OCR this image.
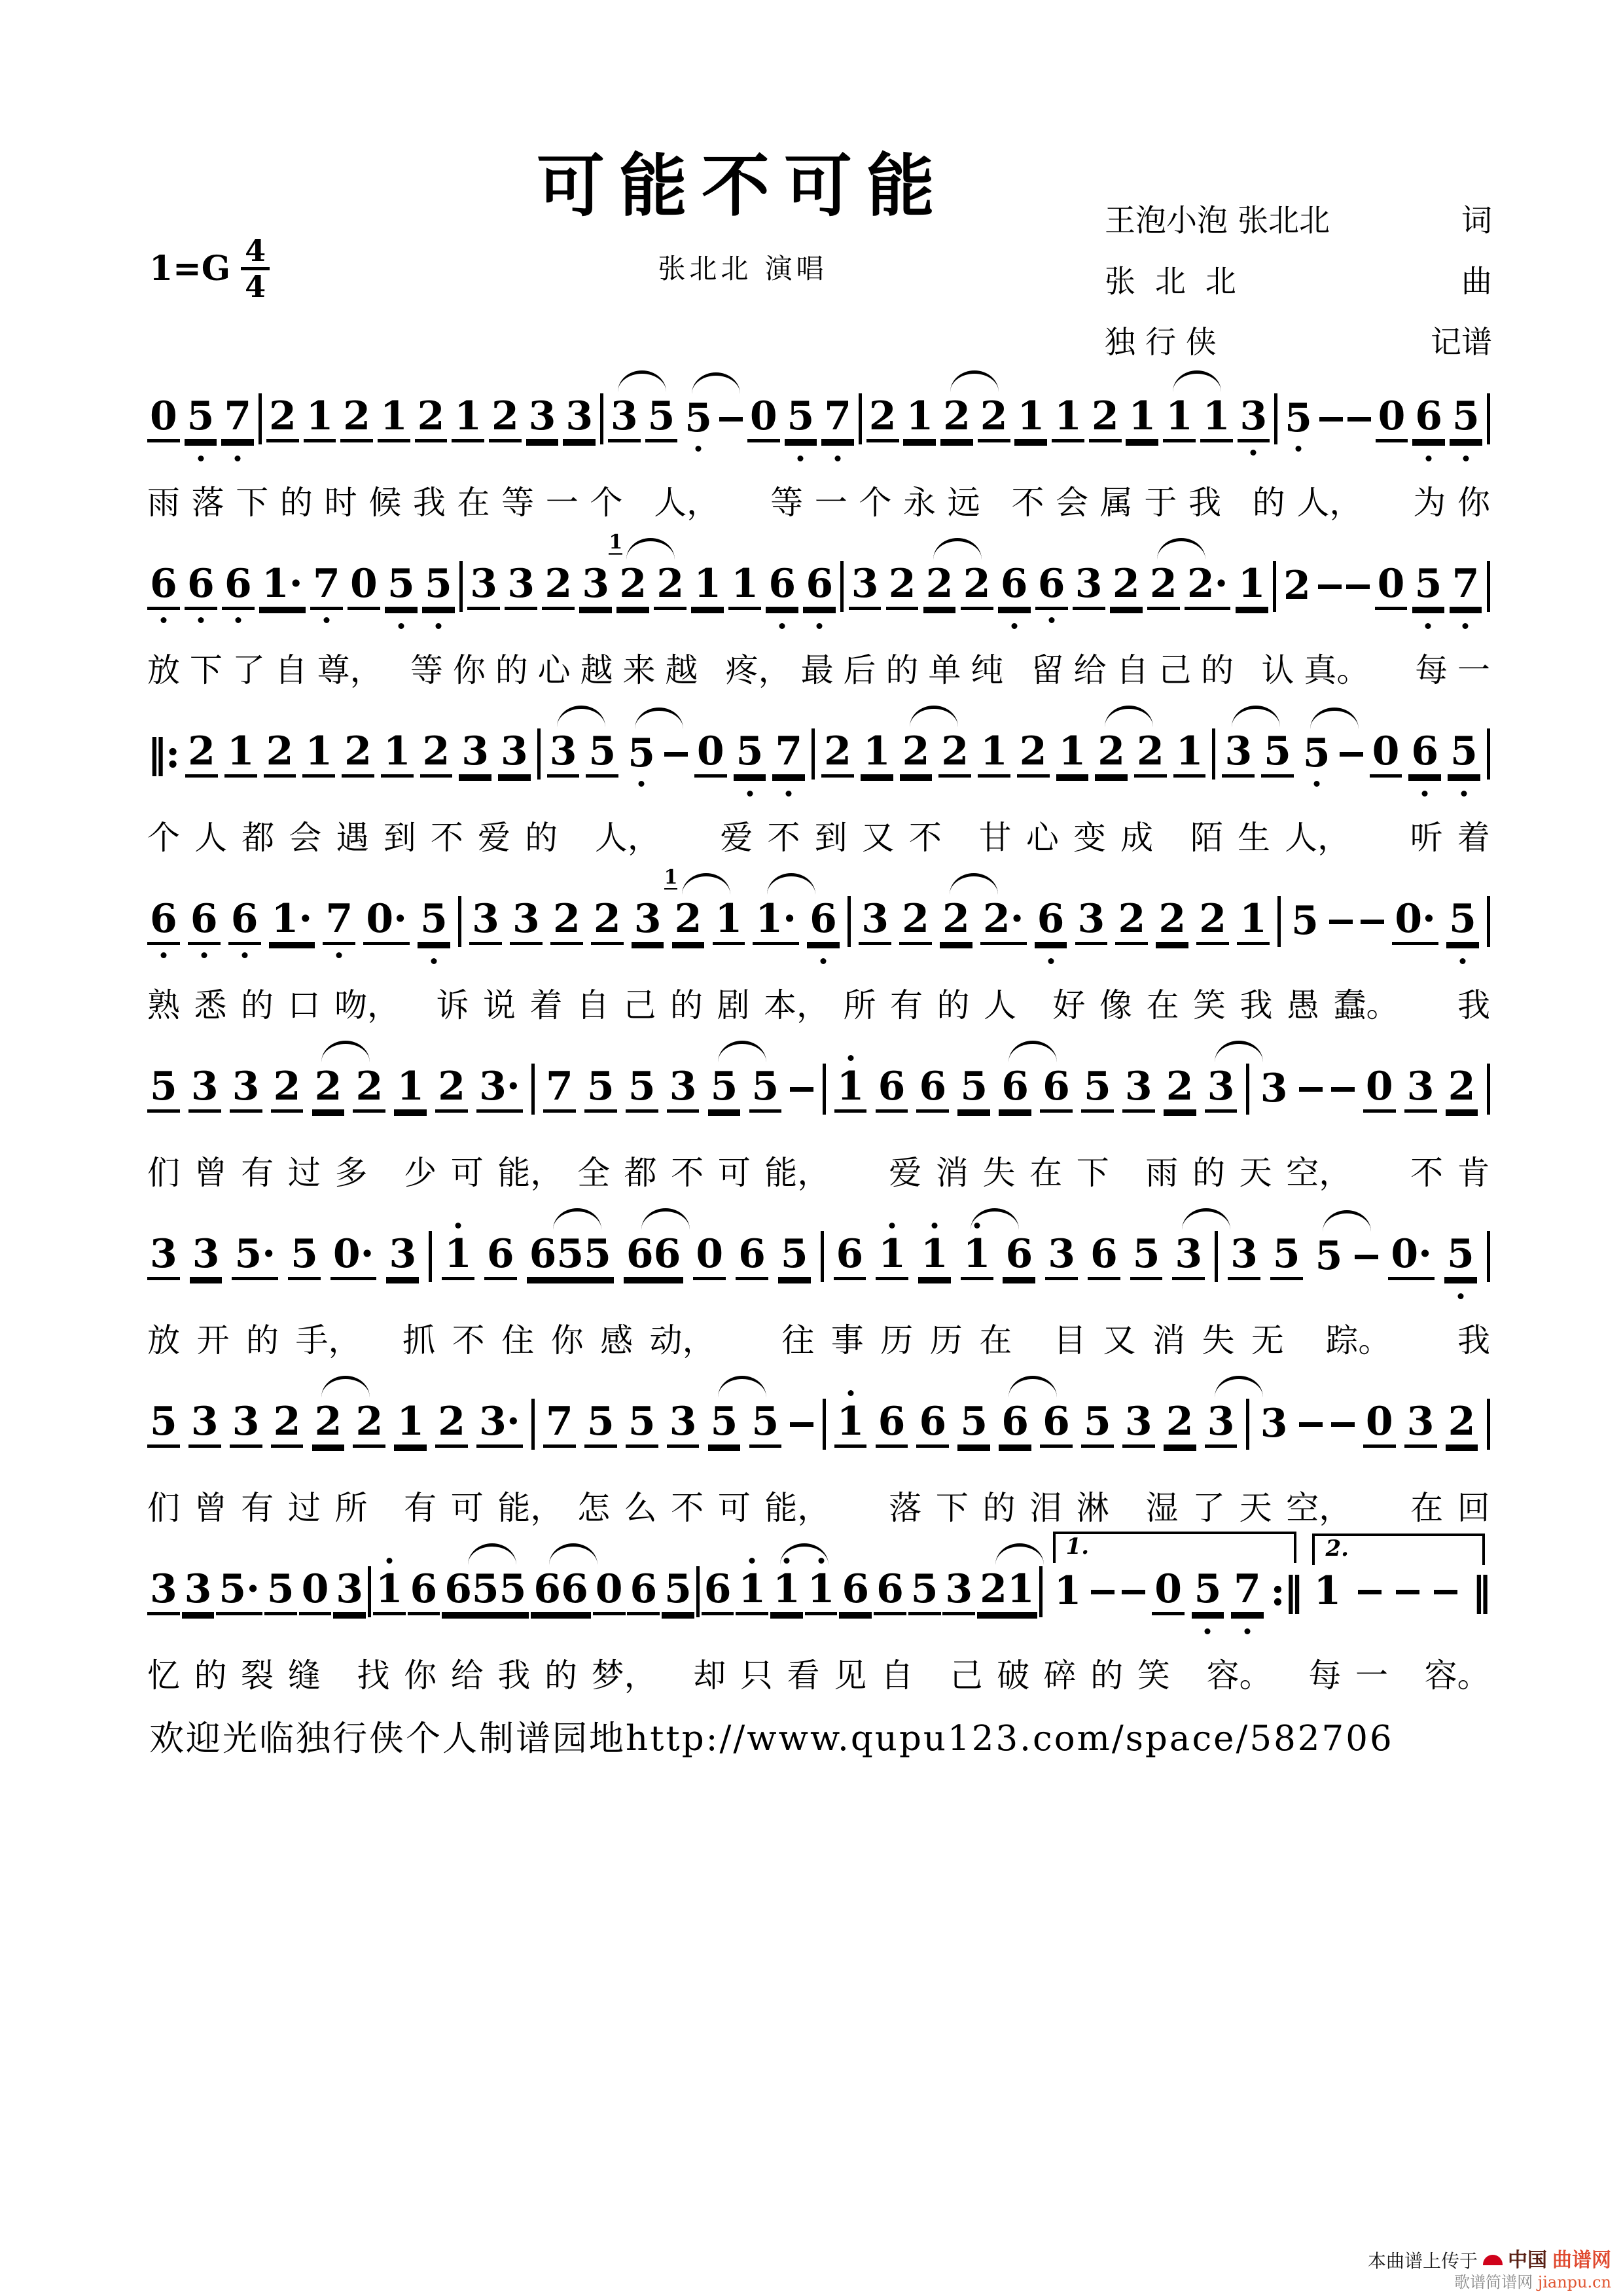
可能不可能
张北北 演唱
$1=G \frac{4}{4}$
王泡小泡 张北北	词
张  北  北	曲
独 行 侠	记谱
0 5 7 2 1 2 1 2 1 2 3 3 3 5 5 0 5 7 2 1 2 2 1 1 2 1 1 1 3 5 0 6 5
雨 落 下 的 时 候 我 在 等 一 个
人，

等 一 个 永 远
不 会 属 于 我
的 人，

为 你
6 6 6 1· 7 0 5 5 3 3 2 3 2
1
2 1 1 6 6 3 2 2 2 6 6 3 2 2 2· 1 2 0 5 7
放 下 了 自 尊，
等 你 的 心 越 来 越
疼， 最 后 的 单 纯
留 给 自 己 的
认 真。

每 一
‖: 2 1 2 1 2 1 2 3 3 3 5 5 0 5 7 2 1 2 2 1 2 1 2 2 1 3 5 5 0 6 5
个 人 都 会 遇 到 不 爱 的
人，

爱 不 到 又 不
甘 心 变 成
陌 生 人，

听 着
6 6 6 1· 7 0· 5 3 3 2 2 3 2
1
1 1· 6 3 2 2 2· 6 3 2 2 2 1 5 0· 5
熟 悉 的 口 吻，
诉 说 着 自 己 的 剧 本， 所 有 的 人
好 像 在 笑 我 愚 蠢。

我
5 3 3 2 2 2 1 2 3· 7 5 5 3 5 5 1 6 6 5 6 6 5 3 2 3 3 0 3 2
们 曾 有 过 多
少 可 能， 全 都 不 可 能，

爱 消 失 在 下
雨 的 天 空，

不 肯
3 3 5· 5 0· 3 1 6 655 66 0 6 5 6 1 1 1 6 3 6 5 3 3 5 5 0· 5
放 开 的 手，
抓 不 住 你 感 动，

往 事 历 历 在
目 又 消 失 无
踪。

我
5 3 3 2 2 2 1 2 3· 7 5 5 3 5 5 1 6 6 5 6 6 5 3 2 3 3 0 3 2
们 曾 有 过 所
有 可 能， 怎 么 不 可 能，

落 下 的 泪 淋
湿 了 天 空，

在 回
3 3 5· 5 0 3 1 6 655 66 0 6 5 6 1 1 1 6 6 5 3 21
1.
1 0 5 7 :‖
2.
1	‖
忆 的 裂 缝
找 你 给 我 的 梦，
却 只 看 见 自
己 破 碎 的 笑
容。
每 一
容。
欢迎光临独行侠个人制谱园地http://www.qupu123.com/space/582706
本曲谱上传于 中国 曲谱网
歌谱简谱网 jianpu.cn
